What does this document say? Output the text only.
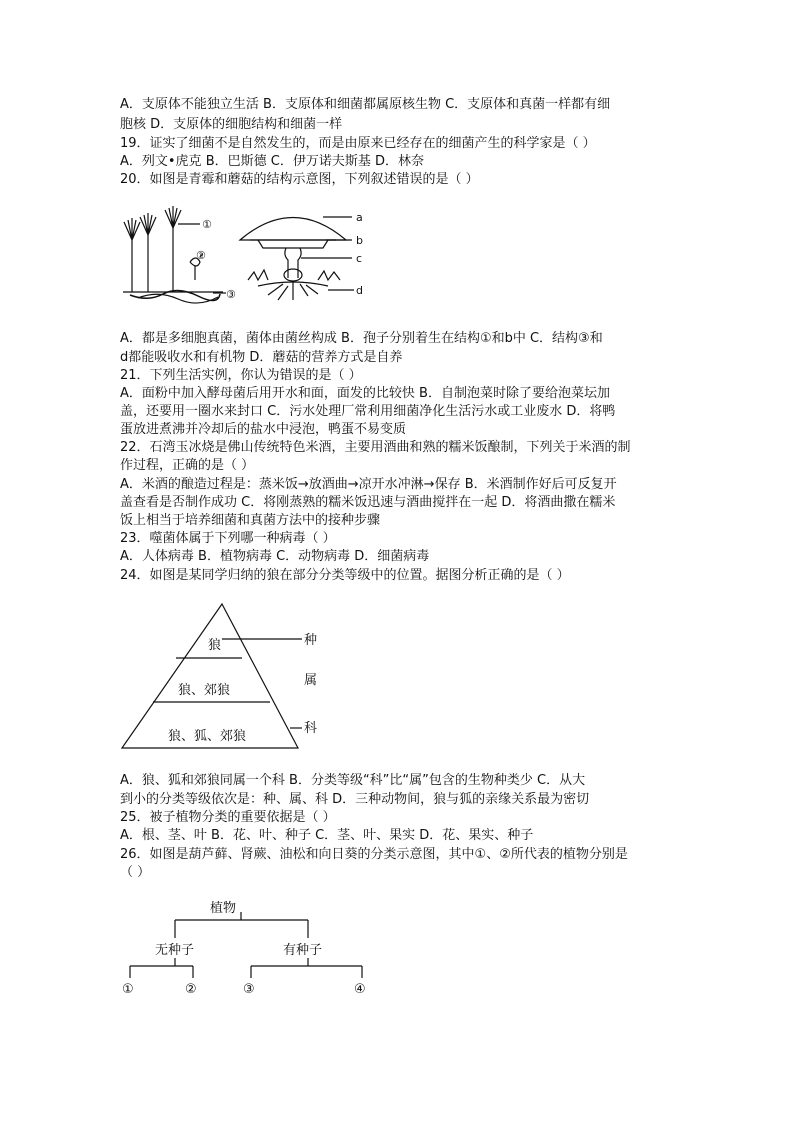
A．支原体不能独立生活 B．支原体和细菌都属原核生物 C．支原体和真菌一样都有细
胞核 D．支原体的细胞结构和细菌一样
19．证实了细菌不是自然发生的，而是由原来已经存在的细菌产生的科学家是（ ）
A．列文•虎克 B．巴斯德 C．伊万诺夫斯基 D．林奈
20．如图是青霉和蘑菇的结构示意图，下列叙述错误的是（ ）
①
②
③
a
b
c
d
A．都是多细胞真菌，菌体由菌丝构成 B．孢子分别着生在结构①和b中 C．结构③和
d都能吸收水和有机物 D．蘑菇的营养方式是自养
21．下列生活实例，你认为错误的是（ ）
A．面粉中加入酵母菌后用开水和面，面发的比较快 B．自制泡菜时除了要给泡菜坛加
盖，还要用一圈水来封口 C．污水处理厂常利用细菌净化生活污水或工业废水 D．将鸭
蛋放进煮沸并冷却后的盐水中浸泡，鸭蛋不易变质
22．石湾玉冰烧是佛山传统特色米酒，主要用酒曲和熟的糯米饭酿制，下列关于米酒的制
作过程，正确的是（ ）
A．米酒的酿造过程是：蒸米饭→放酒曲→凉开水冲淋→保存 B．米酒制作好后可反复开
盖查看是否制作成功 C．将刚蒸熟的糯米饭迅速与酒曲搅拌在一起 D．将酒曲撒在糯米
饭上相当于培养细菌和真菌方法中的接种步骤
23．噬菌体属于下列哪一种病毒（ ）
A．人体病毒 B．植物病毒 C．动物病毒 D．细菌病毒
24．如图是某同学归纳的狼在部分分类等级中的位置。据图分析正确的是（ ）
狼
狼、郊狼
狼、狐、郊狼
种
属
科
A．狼、狐和郊狼同属一个科 B．分类等级“科”比“属”包含的生物种类少 C．从大
到小的分类等级依次是：种、属、科 D．三种动物间，狼与狐的亲缘关系最为密切
25．被子植物分类的重要依据是（ ）
A．根、茎、叶 B．花、叶、种子 C．茎、叶、果实 D．花、果实、种子
26．如图是葫芦藓、肾蕨、油松和向日葵的分类示意图，其中①、②所代表的植物分别是
（ ）
植物
无种子	有种子
①	②	③	④
